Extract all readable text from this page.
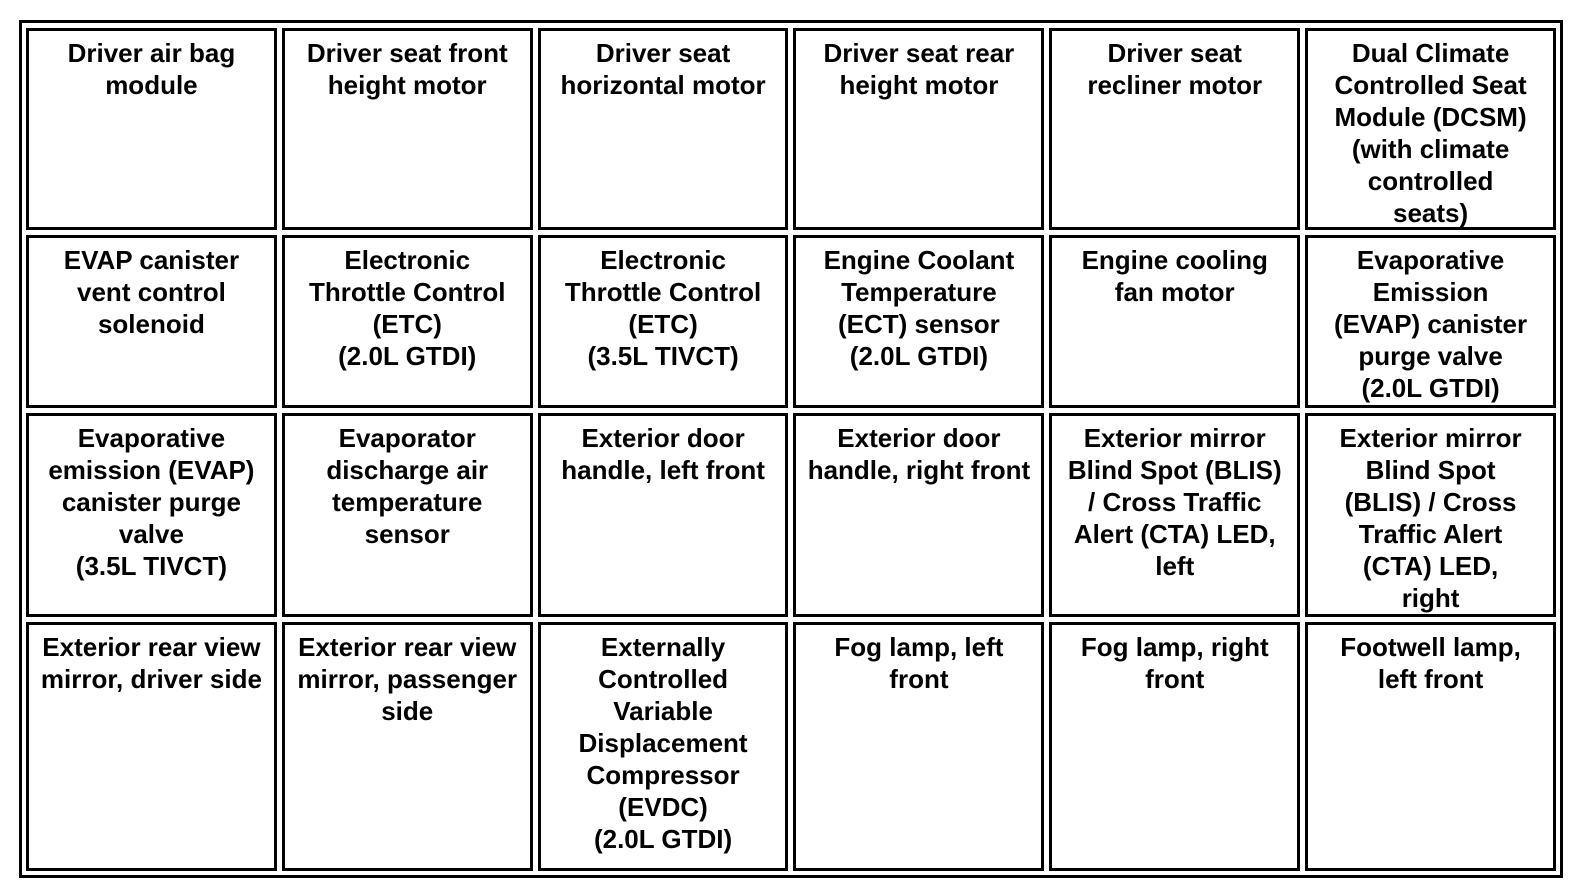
Driver air bag
module
Driver seat front
height motor
Driver seat
horizontal motor
Driver seat rear
height motor
Driver seat
recliner motor
Dual Climate
Controlled Seat
Module (DCSM)
(with climate
controlled
seats)
EVAP canister
vent control
solenoid
Electronic
Throttle Control
(ETC)
(2.0L GTDI)
Electronic
Throttle Control
(ETC)
(3.5L TIVCT)
Engine Coolant
Temperature
(ECT) sensor
(2.0L GTDI)
Engine cooling
fan motor
Evaporative
Emission
(EVAP) canister
purge valve
(2.0L GTDI)
Evaporative
emission (EVAP)
canister purge
valve
(3.5L TIVCT)
Evaporator
discharge air
temperature
sensor
Exterior door
handle, left front
Exterior door
handle, right front
Exterior mirror
Blind Spot (BLIS)
/ Cross Traffic
Alert (CTA) LED,
left
Exterior mirror
Blind Spot
(BLIS) / Cross
Traffic Alert
(CTA) LED,
right
Exterior rear view
mirror, driver side
Exterior rear view
mirror, passenger
side
Externally
Controlled
Variable
Displacement
Compressor
(EVDC)
(2.0L GTDI)
Fog lamp, left
front
Fog lamp, right
front
Footwell lamp,
left front
